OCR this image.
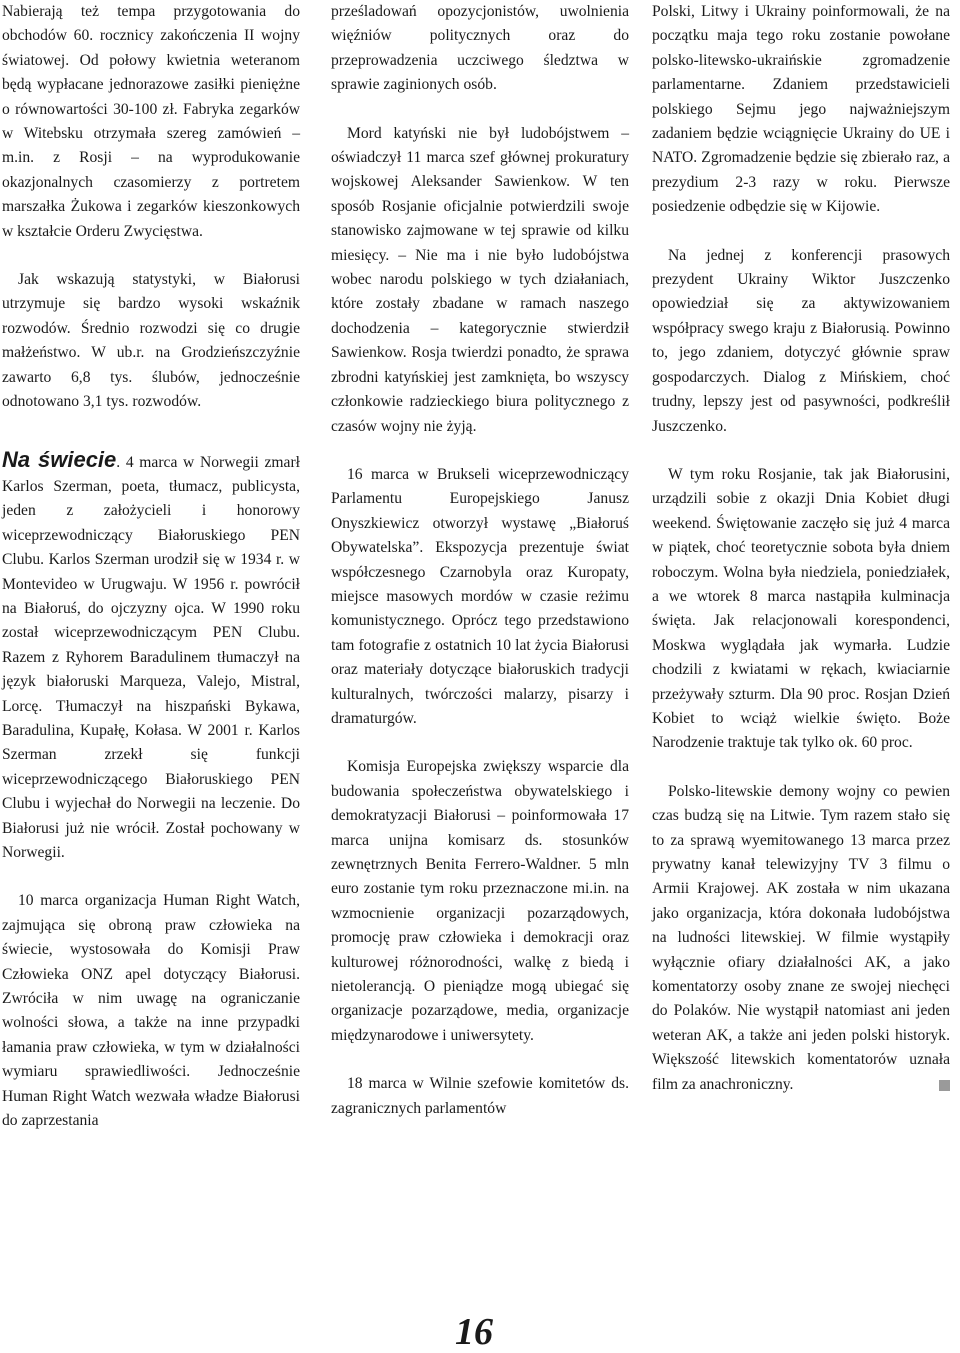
Nabierają też tempa przygotowania do obchodów 60. rocznicy zakończenia II wojny światowej. Od połowy kwietnia weteranom będą wypłacane jednorazowe zasiłki pieniężne o równowartości 30-100 zł. Fabryka zegarków w Witebsku otrzymała szereg zamówień – m.in. z Rosji – na wyprodukowanie okazjonalnych czasomierzy z portretem marszałka Żukowa i zegarków kieszonkowych w kształcie Orderu Zwycięstwa.

Jak wskazują statystyki, w Białorusi utrzymuje się bardzo wysoki wskaźnik rozwodów. Średnio rozwodzi się co drugie małżeństwo. W ub.r. na Grodzieńszczyźnie zawarto 6,8 tys. ślubów, jednocześnie odnotowano 3,1 tys. rozwodów.

Na świecie. 4 marca w Norwegii zmarł Karlos Szerman, poeta, tłumacz, publicysta, jeden z założycieli i honorowy wiceprzewodniczący Białoruskiego PEN Clubu. Karlos Szerman urodził się w 1934 r. w Montevideo w Urugwaju. W 1956 r. powrócił na Białoruś, do ojczyzny ojca. W 1990 roku został wiceprzewodniczącym PEN Clubu. Razem z Ryhorem Baradulinem tłumaczył na język białoruski Marqueza, Valejo, Mistral, Lorcę. Tłumaczył na hiszpański Bykawa, Baradulina, Kupałę, Kołasa. W 2001 r. Karlos Szerman zrzekł się funkcji wiceprzewodniczącego Białoruskiego PEN Clubu i wyjechał do Norwegii na leczenie. Do Białorusi już nie wrócił. Został pochowany w Norwegii.

10 marca organizacja Human Right Watch, zajmująca się obroną praw człowieka na świecie, wystosowała do Komisji Praw Człowieka ONZ apel dotyczący Białorusi. Zwróciła w nim uwagę na ograniczanie wolności słowa, a także na inne przypadki łamania praw człowieka, w tym w działalności wymiaru sprawiedliwości. Jednocześnie Human Right Watch wezwała władze Białorusi do zaprzestania

prześladowań opozycjonistów, uwolnienia więźniów politycznych oraz do przeprowadzenia uczciwego śledztwa w sprawie zaginionych osób.

Mord katyński nie był ludobójstwem – oświadczył 11 marca szef głównej prokuratury wojskowej Aleksander Sawienkow. W ten sposób Rosjanie oficjalnie potwierdzili swoje stanowisko zajmowane w tej sprawie od kilku miesięcy. – Nie ma i nie było ludobójstwa wobec narodu polskiego w tych działaniach, które zostały zbadane w ramach naszego dochodzenia – kategorycznie stwierdził Sawienkow. Rosja twierdzi ponadto, że sprawa zbrodni katyńskiej jest zamknięta, bo wszyscy członkowie radzieckiego biura politycznego z czasów wojny nie żyją.

16 marca w Brukseli wiceprzewodniczący Parlamentu Europejskiego Janusz Onyszkiewicz otworzył wystawę „Białoruś Obywatelska”. Ekspozycja prezentuje świat współczesnego Czarnobyla oraz Kuropaty, miejsce masowych mordów w czasie reżimu komunistycznego. Oprócz tego przedstawiono tam fotografie z ostatnich 10 lat życia Białorusi oraz materiały dotyczące białoruskich tradycji kulturalnych, twórczości malarzy, pisarzy i dramaturgów.

Komisja Europejska zwiększy wsparcie dla budowania społeczeństwa obywatelskiego i demokratyzacji Białorusi – poinformowała 17 marca unijna komisarz ds. stosunków zewnętrznych Benita Ferrero-Waldner. 5 mln euro zostanie tym roku przeznaczone mi.in. na wzmocnienie organizacji pozarządowych, promocję praw człowieka i demokracji oraz kulturowej różnorodności, walkę z biedą i nietolerancją. O pieniądze mogą ubiegać się organizacje pozarządowe, media, organizacje międzynarodowe i uniwersytety.

18 marca w Wilnie szefowie komitetów ds. zagranicznych parlamentów

Polski, Litwy i Ukrainy poinformowali, że na początku maja tego roku zostanie powołane polsko-litewsko-ukraińskie zgromadzenie parlamentarne. Zdaniem przedstawicieli polskiego Sejmu jego najważniejszym zadaniem będzie wciągnięcie Ukrainy do UE i NATO. Zgromadzenie będzie się zbierało raz, a prezydium 2-3 razy w roku. Pierwsze posiedzenie odbędzie się w Kijowie.

Na jednej z konferencji prasowych prezydent Ukrainy Wiktor Juszczenko opowiedział się za aktywizowaniem współpracy swego kraju z Białorusią. Powinno to, jego zdaniem, dotyczyć głównie spraw gospodarczych. Dialog z Mińskiem, choć trudny, lepszy jest od pasywności, podkreślił Juszczenko.

W tym roku Rosjanie, tak jak Białorusini, urządzili sobie z okazji Dnia Kobiet długi weekend. Świętowanie zaczęło się już 4 marca w piątek, choć teoretycznie sobota była dniem roboczym. Wolna była niedziela, poniedziałek, a we wtorek 8 marca nastąpiła kulminacja święta. Jak relacjonowali korespondenci, Moskwa wyglądała jak wymarła. Ludzie chodzili z kwiatami w rękach, kwiaciarnie przeżywały szturm. Dla 90 proc. Rosjan Dzień Kobiet to wciąż wielkie święto. Boże Narodzenie traktuje tak tylko ok. 60 proc.

Polsko-litewskie demony wojny co pewien czas budzą się na Litwie. Tym razem stało się to za sprawą wyemitowanego 13 marca przez prywatny kanał telewizyjny TV 3 filmu o Armii Krajowej. AK została w nim ukazana jako organizacja, która dokonała ludobójstwa na ludności litewskiej. W filmie wystąpiły wyłącznie ofiary działalności AK, a jako komentatorzy osoby znane ze swojej niechęci do Polaków. Nie wystąpił natomiast ani jeden weteran AK, a także ani jeden polski historyk. Większość litewskich komentatorów uznała film za anachroniczny.

16
